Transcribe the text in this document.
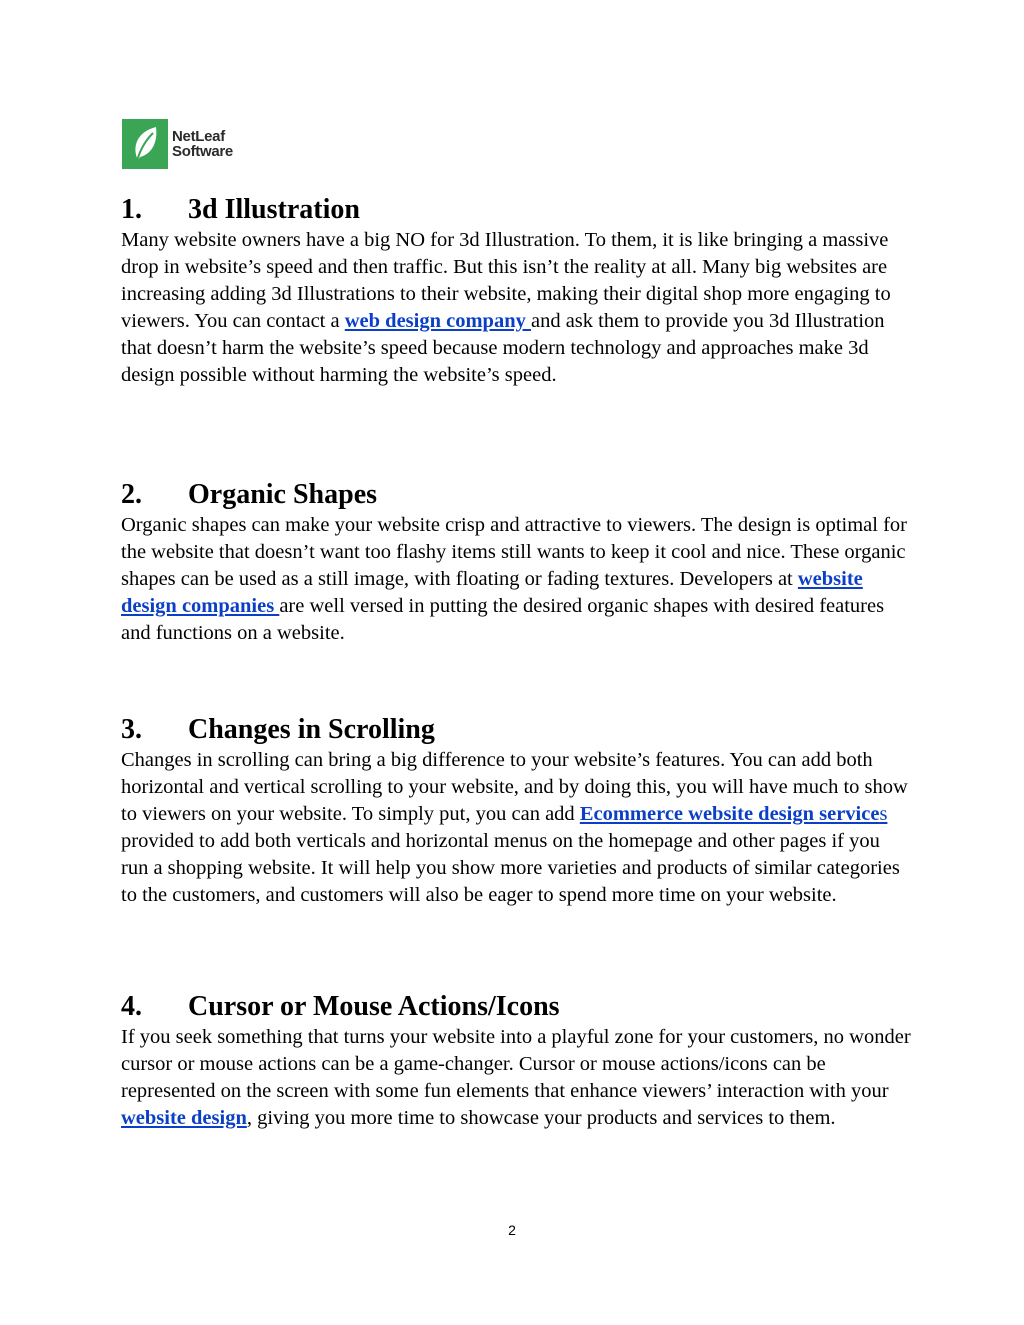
NetLeaf
Software
1.	3d Illustration

Many website owners have a big NO for 3d Illustration. To them, it is like bringing a massive drop in website’s speed and then traffic. But this isn’t the reality at all. Many big websites are increasing adding 3d Illustrations to their website, making their digital shop more engaging to viewers. You can contact a web design company and ask them to provide you 3d Illustration that doesn’t harm the website’s speed because modern technology and approaches make 3d design possible without harming the website’s speed.

2.	Organic Shapes

Organic shapes can make your website crisp and attractive to viewers. The design is optimal for the website that doesn’t want too flashy items still wants to keep it cool and nice. These organic shapes can be used as a still image, with floating or fading textures. Developers at website design companies are well versed in putting the desired organic shapes with desired features and functions on a website.

3.	Changes in Scrolling

Changes in scrolling can bring a big difference to your website’s features. You can add both horizontal and vertical scrolling to your website, and by doing this, you will have much to show to viewers on your website. To simply put, you can add Ecommerce website design services provided to add both verticals and horizontal menus on the homepage and other pages if you run a shopping website. It will help you show more varieties and products of similar categories to the customers, and customers will also be eager to spend more time on your website.

4.	Cursor or Mouse Actions/Icons

If you seek something that turns your website into a playful zone for your customers, no wonder cursor or mouse actions can be a game-changer. Cursor or mouse actions/icons can be represented on the screen with some fun elements that enhance viewers’ interaction with your website design, giving you more time to showcase your products and services to them.

2
